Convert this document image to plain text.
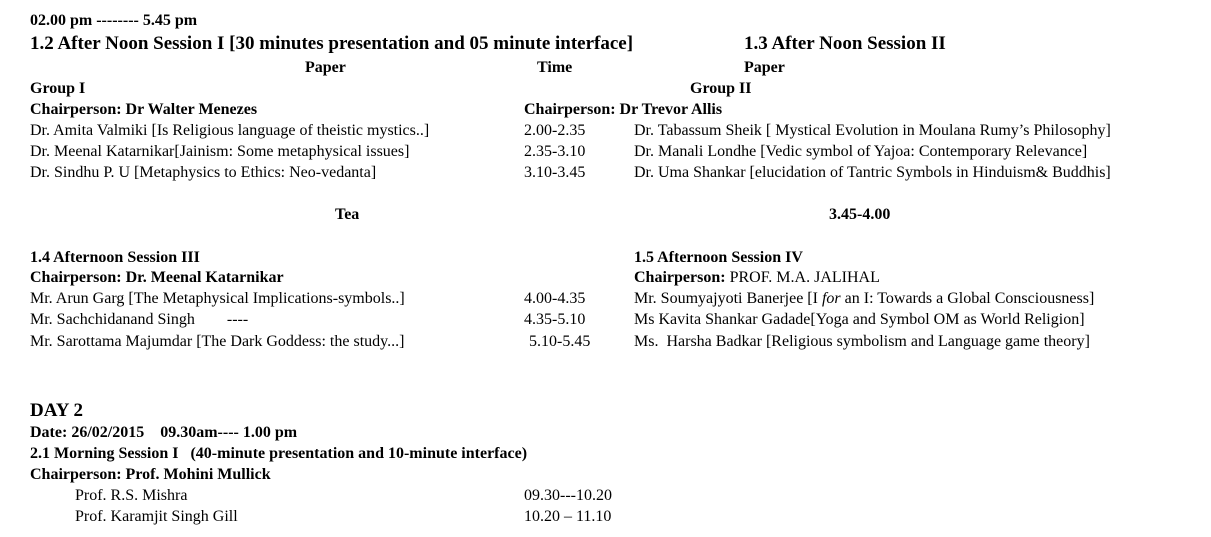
02.00 pm -------- 5.45 pm
1.2 After Noon Session I [30 minutes presentation and 05 minute interface]	1.3 After Noon Session II
Paper	Time	Paper
Group I	Group II
Chairperson: Dr Walter Menezes	Chairperson: Dr Trevor Allis
Dr. Amita Valmiki [Is Religious language of theistic mystics..]	2.00-2.35	Dr. Tabassum Sheik [ Mystical Evolution in Moulana Rumy’s Philosophy]
Dr. Meenal Katarnikar[Jainism: Some metaphysical issues]	2.35-3.10	Dr. Manali Londhe [Vedic symbol of Yajoa: Contemporary Relevance]
Dr. Sindhu P. U [Metaphysics to Ethics: Neo-vedanta]	3.10-3.45	Dr. Uma Shankar [elucidation of Tantric Symbols in Hinduism& Buddhis]
Tea	3.45-4.00
1.4 Afternoon Session III	1.5 Afternoon Session IV
Chairperson: Dr. Meenal Katarnikar	Chairperson: PROF. M.A. JALIHAL
Mr. Arun Garg [The Metaphysical Implications-symbols..]	4.00-4.35	Mr. Soumyajyoti Banerjee [I for an I: Towards a Global Consciousness]
Mr. Sachchidanand Singh        ----	4.35-5.10	Ms Kavita Shankar Gadade[Yoga and Symbol OM as World Religion]
Mr. Sarottama Majumdar [The Dark Goddess: the study...]	5.10-5.45	Ms.  Harsha Badkar [Religious symbolism and Language game theory]
DAY 2
Date: 26/02/2015    09.30am---- 1.00 pm
2.1 Morning Session I   (40-minute presentation and 10-minute interface)
Chairperson: Prof. Mohini Mullick
Prof. R.S. Mishra	09.30---10.20
Prof. Karamjit Singh Gill	10.20 – 11.10
